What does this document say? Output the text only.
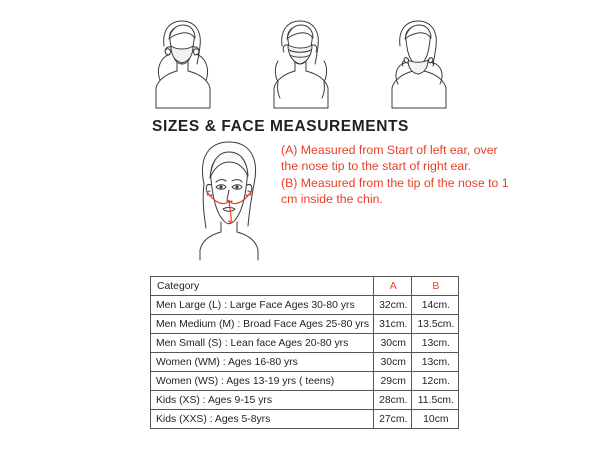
SIZES & FACE MEASUREMENTS

(A) Measured from Start of left ear, over the nose tip to the start of right ear.

(B) Measured from the tip of the nose to 1 cm inside the chin.

Category	A	B
Men Large (L) : Large Face Ages 30-80 yrs	32cm.	14cm.
Men Medium (M) : Broad Face Ages 25-80 yrs	31cm.	13.5cm.
Men Small (S) : Lean face Ages 20-80 yrs	30cm	13cm.
Women (WM) : Ages 16-80 yrs	30cm	13cm.
Women (WS) : Ages 13-19 yrs ( teens)	29cm	12cm.
Kids (XS) : Ages 9-15 yrs	28cm.	11.5cm.
Kids (XXS) : Ages 5-8yrs	27cm.	10cm
